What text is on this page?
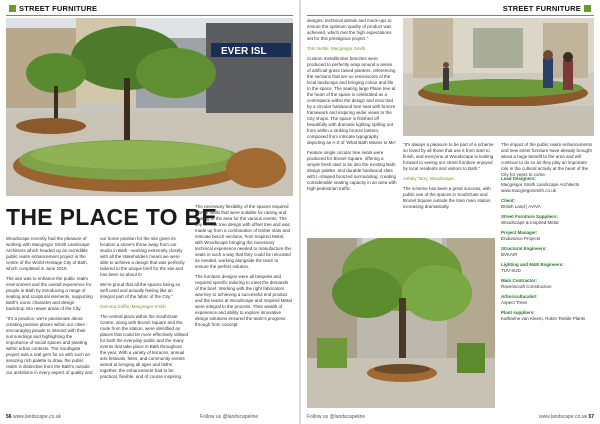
STREET FURNITURE
EVER ISL
THE PLACE TO BE

Woodscape recently had the pleasure of working with Macgregor Smith Landscape Architects which headed up an incredible public realm enhancement project in the centre of the World Heritage City of Bath, which completed in June 2019.

The aim was to enhance the public realm environment and the overall experience for people in Bath by introducing a range of seating and sculptural elements, supporting Bath's iconic character and design backdrop into newer areas of the City.

"It's a practice, we're passionate about creating positive places within our cities - encouraging people to interact with their surroundings and highlighting the importance of social spaces and planting within urban contexts. The Southgate project was a real gem for us with such an amazing rich palette to draw, the public realm is distinctive from the Bath's outside our ambitions in every aspect of quality and

our home position for the site given its location a stone's throw away from our studio in Bath - working extremely closely with all the stakeholders meant we were able to achieve a design that was perfectly tailored to the unique brief for the site and has been so about it!

We're proud that all the spaces being so well used and actually feeling like an integral part of the fabric of the City."

Gemma Griffin, Macgregor Smith

The central plaza within the SouthGate Centre, along with Brunel Square and the route from the station, were identified as places that could be more effectively utilised for both the everyday public and the many events that take place in Bath throughout the year. With a variety of terraces, annual arts festivals, fetes, and community events aimed at bringing all ages and faiths together, the enhancement had to be practical, flexible, and of course inspiring.

The necessary flexibility of the spaces required planter walls that were suitable for raising and seating of the area for the various events. The key circular tree design with offset tree and was made up from a combination of timber slats and intricate bench sections, from Inspired Metal, with Woodscape bringing the necessary technical experience needed to manufacture the seats in such a way that they could be relocated as needed, working alongside the team to ensure the perfect solution.

The furniture designs were all bespoke and required specific tailoring to meet the demands of the brief. Working with the right fabricators was key to achieving a successful end product and the teams at Woodscape and Inspired Metal were integral to the process. Their wealth of experience and ability to explore innovative design solutions ensured the team's progress through from concept

56 www.landscape.co.uk	Follow us @landscapeline
STREET FURNITURE

designs, technical details and mock-ups to ensure the optimum quality of product was achieved, which met the high expectations set for this prestigious project."

Tom Nottle, Macgregor Smith.

Custom metal/timber benches were produced to perfectly wrap around a series of artificial-grass raised planters, referencing the sections that are so reminiscent of the local landscape and bringing colour and life to the space. The seating large Plane tree at the heart of the space is celebrated as a centrepiece within the design and encircled by a circular hardwood tree seat with bronze framework and inspiring wider views to the City shops. The space is finished off beautifully with dramatic lighting spilling out from within a striking bronze lantern, composed from intricate typography depicting an A-Z of 'What Bath Means to Me'.

Feature single circular tree seats were produced for Brunel Square, offering a simple fresh start to be into the existing Bath design palette, and durable hardwood slats with L-shaped bronzed surrounding, creating considerable seating capacity in an area with high pedestrian traffic.

"It's always a pleasure to be part of a scheme so loved by all those that use it from start to finish, and everyone at Woodscape is looking forward to seeing our street furniture enjoyed by local residents and visitors to Bath."

Ashley Tarry, Woodscape.

The scheme has been a great success, with public use of the spaces in SouthGate and Brunel Square outside the train main station increasing dramatically.

The impact of the public realm enhancements and new street furniture have already brought about a huge benefit to the area and will continue to do so as they play an important role in the cultural activity at the heart of the City for years to come.

Lead Designers:
Macgregor Smith Landscape Architects www.macgregorsmith.co.uk
Client:
British Land | AVIVA
Street Furniture Suppliers:
Woodscape & Inspired Metal
Project Manager:
Endurance Projects
Structural Engineers:
BVKAIR
Lighting and M&E Engineers:
TUV-SUD
Main Contractor:
Ravenscraft Construction
Arboriculturalist:
Aspect Trees
Plant suppliers:
Katharine van Kleem, Robin Teeble Plants
Follow us @landscapeline	www.landscape.co.uk 57
